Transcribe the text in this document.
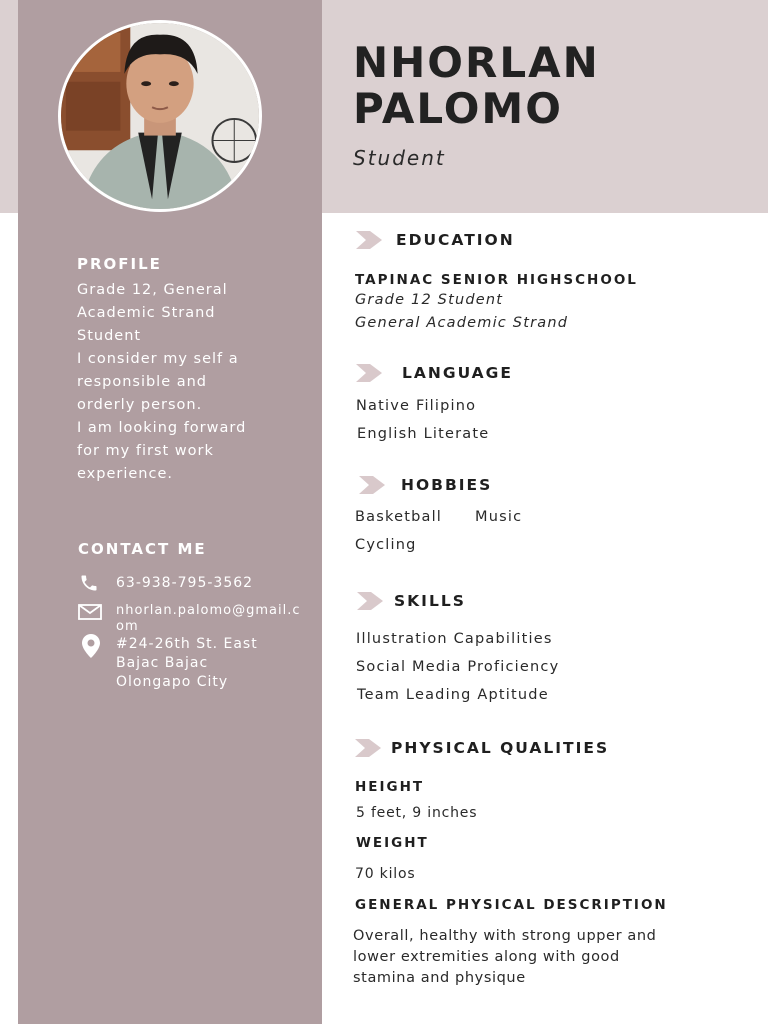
NHORLAN
PALOMO
Student
PROFILE
Grade 12, General
Academic Strand
Student
I consider my self a
responsible and
orderly person.
I am looking forward
for my first work
experience.
CONTACT ME
63-938-795-3562
nhorlan.palomo@gmail.c
om
#24-26th St. East
Bajac Bajac
Olongapo City
EDUCATION
TAPINAC SENIOR HIGHSCHOOL
Grade 12 Student
General Academic Strand
LANGUAGE
Native Filipino
English Literate
HOBBIES
Basketball Music
Cycling
SKILLS
Illustration Capabilities
Social Media Proficiency
Team Leading Aptitude
PHYSICAL QUALITIES
HEIGHT
5 feet, 9 inches
WEIGHT
70 kilos
GENERAL PHYSICAL DESCRIPTION
Overall, healthy with strong upper and
lower extremities along with good
stamina and physique
